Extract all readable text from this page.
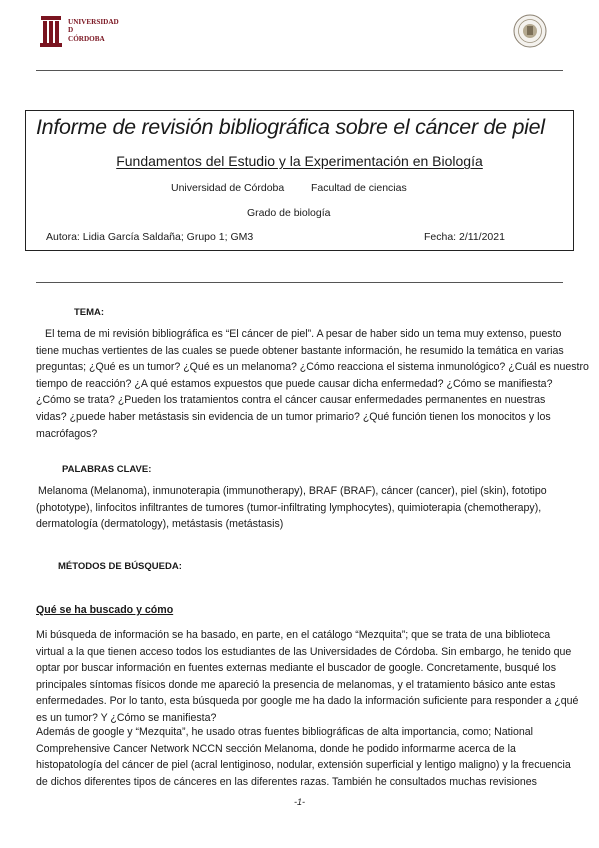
UNIVERSIDAD
D
CÓRDOBA
Informe de revisión bibliográfica sobre el cáncer de piel
Fundamentos del Estudio y la Experimentación en Biología
Universidad de Córdoba	Facultad de ciencias
Grado de biología
Autora: Lidia García Saldaña; Grupo 1; GM3	Fecha: 2/11/2021
TEMA:
El tema de mi revisión bibliográfica es “El cáncer de piel”. A pesar de haber sido un tema muy extenso, puesto
tiene muchas vertientes de las cuales se puede obtener bastante información, he resumido la temática en varias
preguntas; ¿Qué es un tumor? ¿Qué es un melanoma? ¿Cómo reacciona el sistema inmunológico? ¿Cuál es nuestro
tiempo de reacción? ¿A qué estamos expuestos que puede causar dicha enfermedad? ¿Cómo se manifiesta?
¿Cómo se trata? ¿Pueden los tratamientos contra el cáncer causar enfermedades permanentes en nuestras
vidas? ¿puede haber metástasis sin evidencia de un tumor primario? ¿Qué función tienen los monocitos y los
macrófagos?
PALABRAS CLAVE:
Melanoma (Melanoma), inmunoterapia (immunotherapy), BRAF (BRAF), cáncer (cancer), piel (skin), fototipo
(phototype), linfocitos infiltrantes de tumores (tumor-infiltrating lymphocytes), quimioterapia (chemotherapy),
dermatología (dermatology), metástasis (metástasis)
MÉTODOS DE BÚSQUEDA:
Qué se ha buscado y cómo
Mi búsqueda de información se ha basado, en parte, en el catálogo “Mezquita”; que se trata de una biblioteca
virtual a la que tienen acceso todos los estudiantes de las Universidades de Córdoba. Sin embargo, he tenido que
optar por buscar información en fuentes externas mediante el buscador de google. Concretamente, busqué los
principales síntomas físicos donde me apareció la presencia de melanomas, y el tratamiento básico ante estas
enfermedades. Por lo tanto, esta búsqueda por google me ha dado la información suficiente para responder a ¿qué
es un tumor? Y ¿Cómo se manifiesta?
Además de google y “Mezquita”, he usado otras fuentes bibliográficas de alta importancia, como; National
Comprehensive Cancer Network NCCN sección Melanoma, donde he podido informarme acerca de la
histopatología del cáncer de piel (acral lentiginoso, nodular, extensión superficial y lentigo maligno) y la frecuencia
de dichos diferentes tipos de cánceres en las diferentes razas. También he consultados muchas revisiones
-1-
